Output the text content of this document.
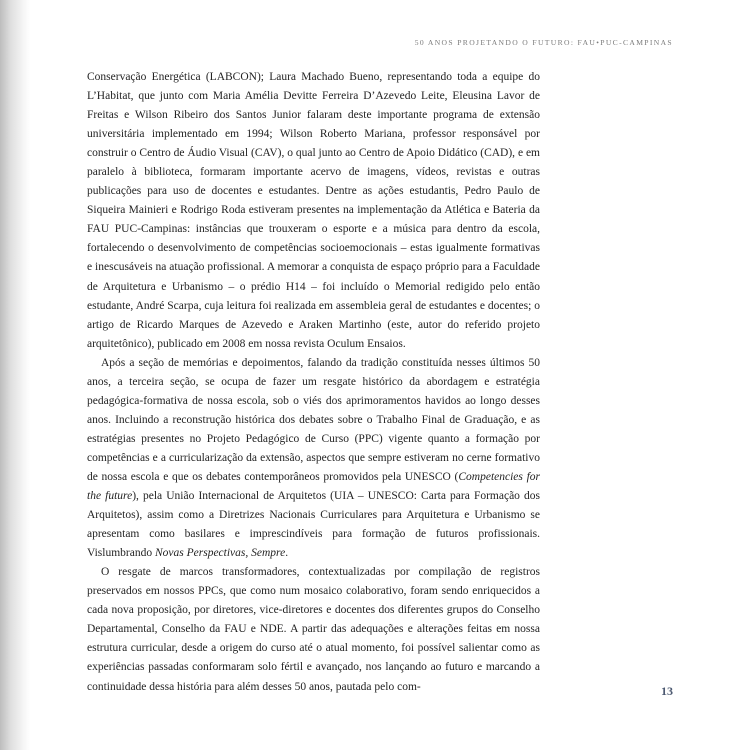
50 ANOS PROJETANDO O FUTURO: FAU•PUC-CAMPINAS

Conservação Energética (LABCON); Laura Machado Bueno, representando toda a equipe do L’Habitat, que junto com Maria Amélia Devitte Ferreira D’Azevedo Leite, Eleusina Lavor de Freitas e Wilson Ribeiro dos Santos Junior falaram deste importante programa de extensão universitária implementado em 1994; Wilson Roberto Mariana, professor responsável por construir o Centro de Áudio Visual (CAV), o qual junto ao Centro de Apoio Didático (CAD), e em paralelo à biblioteca, formaram importante acervo de imagens, vídeos, revistas e outras publicações para uso de docentes e estudantes. Dentre as ações estudantis, Pedro Paulo de Siqueira Mainieri e Rodrigo Roda estiveram presentes na implementação da Atlética e Bateria da FAU PUC-Campinas: instâncias que trouxeram o esporte e a música para dentro da escola, fortalecendo o desenvolvimento de competências socioemocionais – estas igualmente formativas e inescusáveis na atuação profissional. A memorar a conquista de espaço próprio para a Faculdade de Arquitetura e Urbanismo – o prédio H14 – foi incluído o Memorial redigido pelo então estudante, André Scarpa, cuja leitura foi realizada em assembleia geral de estudantes e docentes; o artigo de Ricardo Marques de Azevedo e Araken Martinho (este, autor do referido projeto arquitetônico), publicado em 2008 em nossa revista Oculum Ensaios.

Após a seção de memórias e depoimentos, falando da tradição constituída nesses últimos 50 anos, a terceira seção, se ocupa de fazer um resgate histórico da abordagem e estratégia pedagógica-formativa de nossa escola, sob o viés dos aprimoramentos havidos ao longo desses anos. Incluindo a reconstrução histórica dos debates sobre o Trabalho Final de Graduação, e as estratégias presentes no Projeto Pedagógico de Curso (PPC) vigente quanto a formação por competências e a curricularização da extensão, aspectos que sempre estiveram no cerne formativo de nossa escola e que os debates contemporâneos promovidos pela UNESCO (Competencies for the future), pela União Internacional de Arquitetos (UIA – UNESCO: Carta para Formação dos Arquitetos), assim como a Diretrizes Nacionais Curriculares para Arquitetura e Urbanismo se apresentam como basilares e imprescindíveis para formação de futuros profissionais. Vislumbrando Novas Perspectivas, Sempre.

O resgate de marcos transformadores, contextualizadas por compilação de registros preservados em nossos PPCs, que como num mosaico colaborativo, foram sendo enriquecidos a cada nova proposição, por diretores, vice-diretores e docentes dos diferentes grupos do Conselho Departamental, Conselho da FAU e NDE. A partir das adequações e alterações feitas em nossa estrutura curricular, desde a origem do curso até o atual momento, foi possível salientar como as experiências passadas conformaram solo fértil e avançado, nos lançando ao futuro e marcando a continuidade dessa história para além desses 50 anos, pautada pelo com-	13
